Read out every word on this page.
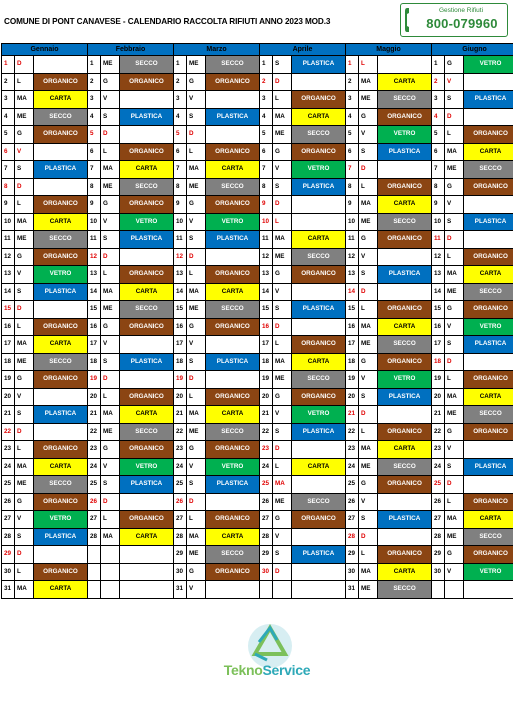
COMUNE DI PONT CANAVESE - CALENDARIO RACCOLTA RIFIUTI ANNO 2023 MOD.3
Gestione Rifiuti
800-079960
Gennaio			Febbraio			Marzo			Aprile			Maggio			Giugno		
1	D		1	ME	SECCO	1	ME	SECCO	1	S	PLASTICA	1	L		1	G	VETRO
2	L	ORGANICO	2	G	ORGANICO	2	G	ORGANICO	2	D		2	MA	CARTA	2	V	
3	MA	CARTA	3	V		3	V		3	L	ORGANICO	3	ME	SECCO	3	S	PLASTICA
4	ME	SECCO	4	S	PLASTICA	4	S	PLASTICA	4	MA	CARTA	4	G	ORGANICO	4	D	
5	G	ORGANICO	5	D		5	D		5	ME	SECCO	5	V	VETRO	5	L	ORGANICO
6	V		6	L	ORGANICO	6	L	ORGANICO	6	G	ORGANICO	6	S	PLASTICA	6	MA	CARTA
7	S	PLASTICA	7	MA	CARTA	7	MA	CARTA	7	V	VETRO	7	D		7	ME	SECCO
8	D		8	ME	SECCO	8	ME	SECCO	8	S	PLASTICA	8	L	ORGANICO	8	G	ORGANICO
9	L	ORGANICO	9	G	ORGANICO	9	G	ORGANICO	9	D		9	MA	CARTA	9	V	
10	MA	CARTA	10	V	VETRO	10	V	VETRO	10	L		10	ME	SECCO	10	S	PLASTICA
11	ME	SECCO	11	S	PLASTICA	11	S	PLASTICA	11	MA	CARTA	11	G	ORGANICO	11	D	
12	G	ORGANICO	12	D		12	D		12	ME	SECCO	12	V		12	L	ORGANICO
13	V	VETRO	13	L	ORGANICO	13	L	ORGANICO	13	G	ORGANICO	13	S	PLASTICA	13	MA	CARTA
14	S	PLASTICA	14	MA	CARTA	14	MA	CARTA	14	V		14	D		14	ME	SECCO
15	D		15	ME	SECCO	15	ME	SECCO	15	S	PLASTICA	15	L	ORGANICO	15	G	ORGANICO
16	L	ORGANICO	16	G	ORGANICO	16	G	ORGANICO	16	D		16	MA	CARTA	16	V	VETRO
17	MA	CARTA	17	V		17	V		17	L	ORGANICO	17	ME	SECCO	17	S	PLASTICA
18	ME	SECCO	18	S	PLASTICA	18	S	PLASTICA	18	MA	CARTA	18	G	ORGANICO	18	D	
19	G	ORGANICO	19	D		19	D		19	ME	SECCO	19	V	VETRO	19	L	ORGANICO
20	V		20	L	ORGANICO	20	L	ORGANICO	20	G	ORGANICO	20	S	PLASTICA	20	MA	CARTA
21	S	PLASTICA	21	MA	CARTA	21	MA	CARTA	21	V	VETRO	21	D		21	ME	SECCO
22	D		22	ME	SECCO	22	ME	SECCO	22	S	PLASTICA	22	L	ORGANICO	22	G	ORGANICO
23	L	ORGANICO	23	G	ORGANICO	23	G	ORGANICO	23	D		23	MA	CARTA	23	V	
24	MA	CARTA	24	V	VETRO	24	V	VETRO	24	L	CARTA	24	ME	SECCO	24	S	PLASTICA
25	ME	SECCO	25	S	PLASTICA	25	S	PLASTICA	25	MA		25	G	ORGANICO	25	D	
26	G	ORGANICO	26	D		26	D		26	ME	SECCO	26	V		26	L	ORGANICO
27	V	VETRO	27	L	ORGANICO	27	L	ORGANICO	27	G	ORGANICO	27	S	PLASTICA	27	MA	CARTA
28	S	PLASTICA	28	MA	CARTA	28	MA	CARTA	28	V		28	D		28	ME	SECCO
29	D					29	ME	SECCO	29	S	PLASTICA	29	L	ORGANICO	29	G	ORGANICO
30	L	ORGANICO				30	G	ORGANICO	30	D		30	MA	CARTA	30	V	VETRO
31	MA	CARTA				31	V					31	ME	SECCO			
TeknoService
